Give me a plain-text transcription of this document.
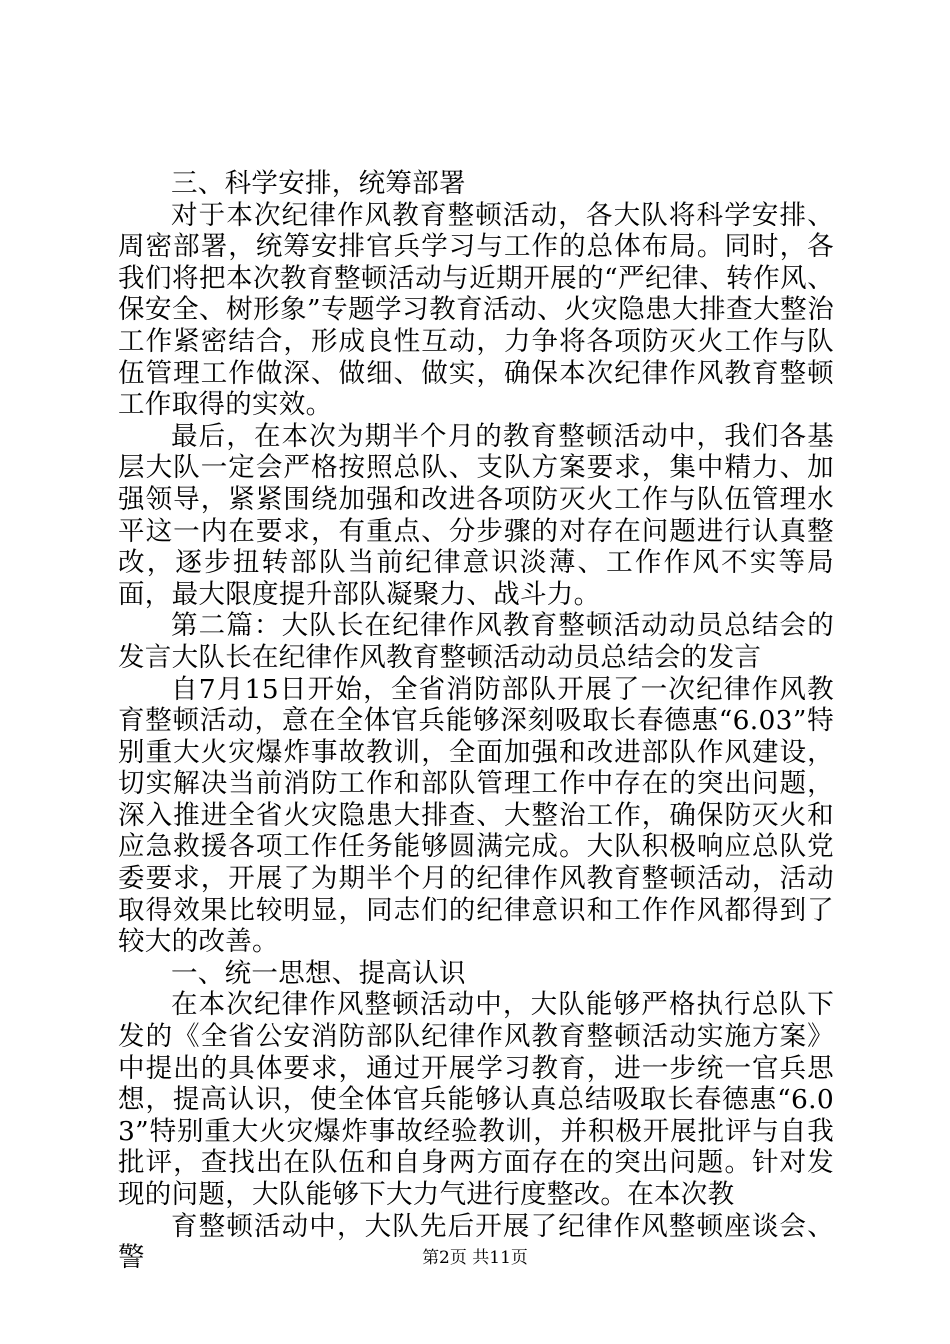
三、科学安排，统筹部署

对于本次纪律作风教育整顿活动，各大队将科学安排、周密部署，统筹安排官兵学习与工作的总体布局。同时，各我们将把本次教育整顿活动与近期开展的“严纪律、转作风、保安全、树形象”专题学习教育活动、火灾隐患大排查大整治工作紧密结合，形成良性互动，力争将各项防灭火工作与队伍管理工作做深、做细、做实，确保本次纪律作风教育整顿工作取得的实效。

最后，在本次为期半个月的教育整顿活动中，我们各基层大队一定会严格按照总队、支队方案要求，集中精力、加强领导，紧紧围绕加强和改进各项防灭火工作与队伍管理水平这一内在要求，有重点、分步骤的对存在问题进行认真整改，逐步扭转部队当前纪律意识淡薄、工作作风不实等局面，最大限度提升部队凝聚力、战斗力。

第二篇：大队长在纪律作风教育整顿活动动员总结会的发言大队长在纪律作风教育整顿活动动员总结会的发言

自7月15日开始，全省消防部队开展了一次纪律作风教育整顿活动，意在全体官兵能够深刻吸取长春德惠“6.03”特别重大火灾爆炸事故教训，全面加强和改进部队作风建设，切实解决当前消防工作和部队管理工作中存在的突出问题，深入推进全省火灾隐患大排查、大整治工作，确保防灭火和应急救援各项工作任务能够圆满完成。大队积极响应总队党委要求，开展了为期半个月的纪律作风教育整顿活动，活动取得效果比较明显，同志们的纪律意识和工作作风都得到了较大的改善。

一、统一思想、提高认识

在本次纪律作风整顿活动中，大队能够严格执行总队下发的《全省公安消防部队纪律作风教育整顿活动实施方案》中提出的具体要求，通过开展学习教育，进一步统一官兵思想，提高认识，使全体官兵能够认真总结吸取长春德惠“6.03”特别重大火灾爆炸事故经验教训，并积极开展批评与自我批评，查找出在队伍和自身两方面存在的突出问题。针对发现的问题，大队能够下大力气进行度整改。在本次教

育整顿活动中，大队先后开展了纪律作风整顿座谈会、警	第2页 共11页
